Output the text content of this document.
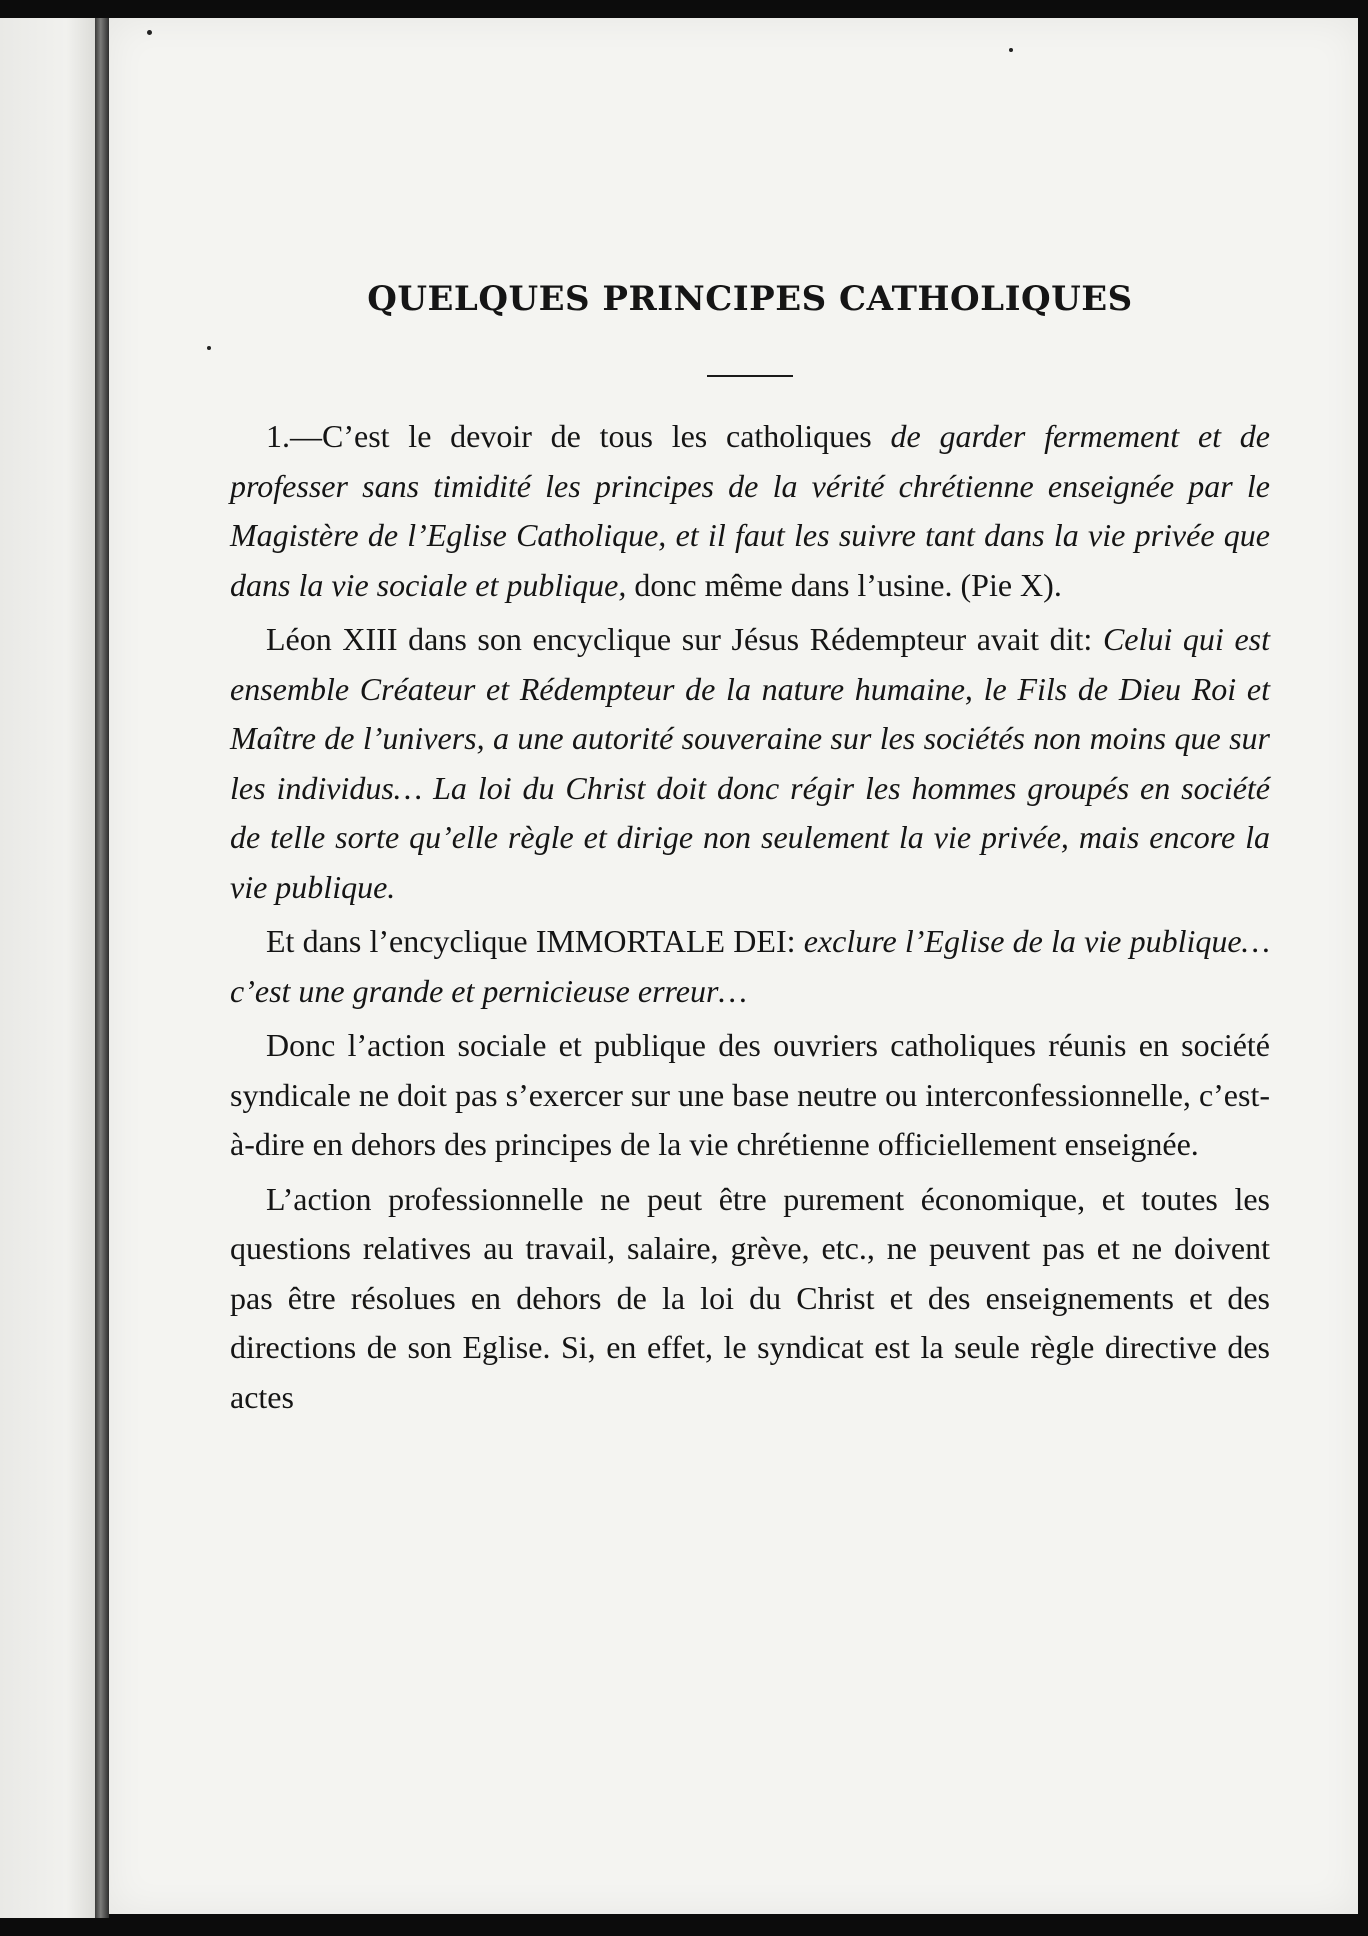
QUELQUES PRINCIPES CATHOLIQUES

1.—C’est le devoir de tous les catholiques de garder fermement et de professer sans timidité les principes de la vérité chrétienne enseignée par le Magistère de l’Eglise Catholique, et il faut les suivre tant dans la vie privée que dans la vie sociale et publique, donc même dans l’usine. (Pie X).

Léon XIII dans son encyclique sur Jésus Rédempteur avait dit: Celui qui est ensemble Créateur et Rédempteur de la nature humaine, le Fils de Dieu Roi et Maître de l’univers, a une autorité souveraine sur les sociétés non moins que sur les individus… La loi du Christ doit donc régir les hommes groupés en société de telle sorte qu’elle règle et dirige non seulement la vie privée, mais encore la vie publique.

Et dans l’encyclique IMMORTALE DEI: exclure l’Eglise de la vie publique… c’est une grande et pernicieuse erreur…

Donc l’action sociale et publique des ouvriers catholiques réunis en société syndicale ne doit pas s’exercer sur une base neutre ou interconfessionnelle, c’est-à-dire en dehors des principes de la vie chrétienne officiellement enseignée.

L’action professionnelle ne peut être purement économique, et toutes les questions relatives au travail, salaire, grève, etc., ne peuvent pas et ne doivent pas être résolues en dehors de la loi du Christ et des enseignements et des directions de son Eglise. Si, en effet, le syndicat est la seule règle directive des actes
